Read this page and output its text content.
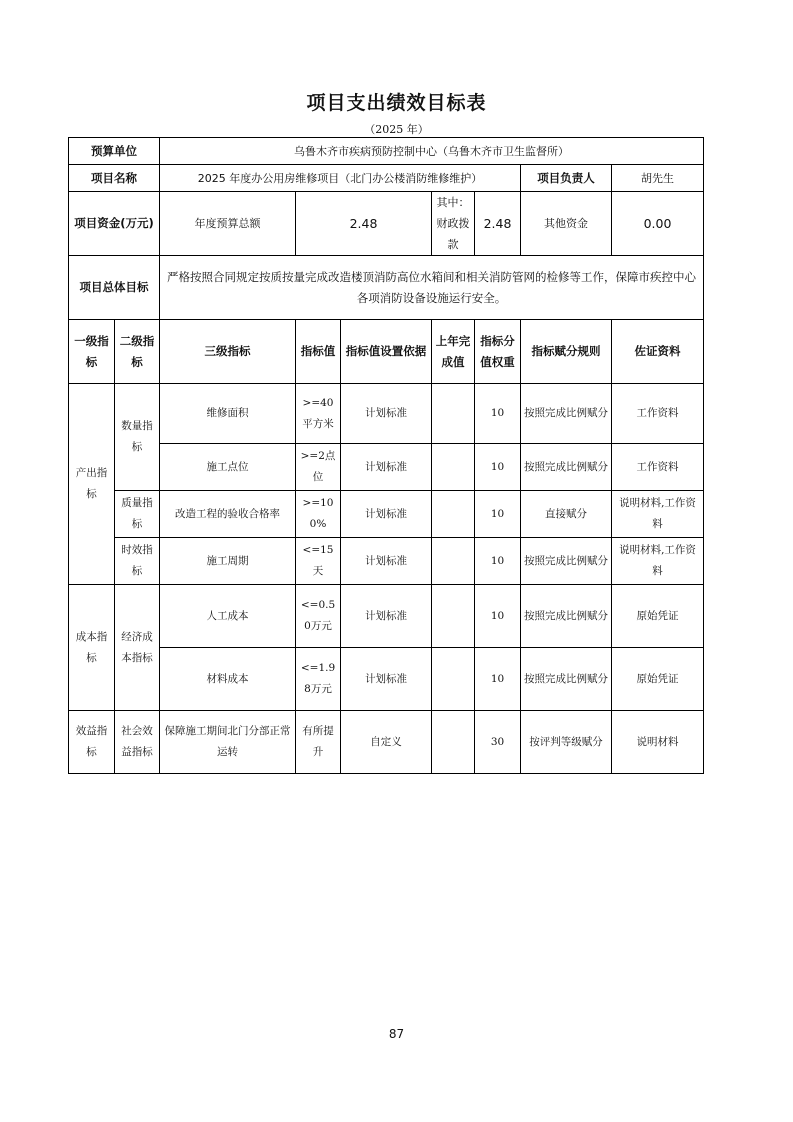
项目支出绩效目标表
（2025 年）
预算单位		乌鲁木齐市疾病预防控制中心（乌鲁木齐市卫生监督所）						
项目名称		2025 年度办公用房维修项目（北门办公楼消防维修维护）					项目负责人	胡先生
项目资金(万元)		年度预算总额	2.48		其中：财政拨款	2.48	其他资金	0.00
项目总体目标		严格按照合同规定按质按量完成改造楼顶消防高位水箱间和相关消防管网的检修等工作，保障市疾控中心各项消防设备设施运行安全。						
一级指标	二级指标	三级指标	指标值	指标值设置依据	上年完成值	指标分值权重	指标赋分规则	佐证资料
产出指标	数量指标	维修面积	>=40平方米	计划标准		10	按照完成比例赋分	工作资料
		施工点位	>=2点位	计划标准		10	按照完成比例赋分	工作资料
	质量指标	改造工程的验收合格率	>=100%	计划标准		10	直接赋分	说明材料,工作资料
	时效指标	施工周期	<=15天	计划标准		10	按照完成比例赋分	说明材料,工作资料
成本指标	经济成本指标	人工成本	<=0.50万元	计划标准		10	按照完成比例赋分	原始凭证
		材料成本	<=1.98万元	计划标准		10	按照完成比例赋分	原始凭证
效益指标	社会效益指标	保障施工期间北门分部正常运转	有所提升	自定义		30	按评判等级赋分	说明材料
87
